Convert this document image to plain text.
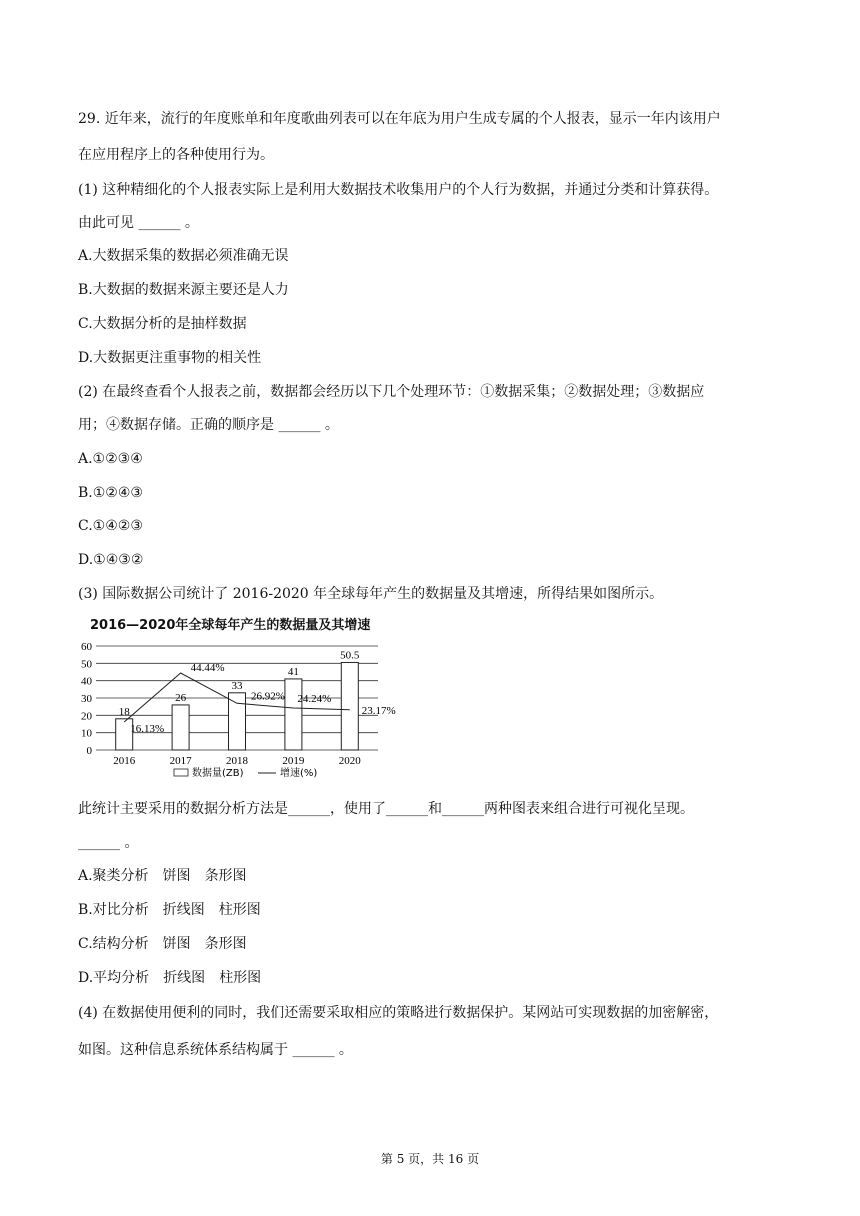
29. 近年来，流行的年度账单和年度歌曲列表可以在年底为用户生成专属的个人报表，显示一年内该用户
在应用程序上的各种使用行为。
(1) 这种精细化的个人报表实际上是利用大数据技术收集用户的个人行为数据，并通过分类和计算获得。
由此可见 ______ 。
A.大数据采集的数据必须准确无误
B.大数据的数据来源主要还是人力
C.大数据分析的是抽样数据
D.大数据更注重事物的相关性
(2) 在最终查看个人报表之前，数据都会经历以下几个处理环节：①数据采集；②数据处理；③数据应
用；④数据存储。正确的顺序是 ______ 。
A.①②③④
B.①②④③
C.①④②③
D.①④③②
(3) 国际数据公司统计了 2016-2020 年全球每年产生的数据量及其增速，所得结果如图所示。
2016—2020年全球每年产生的数据量及其增速
0
10
20
30
40
50
60
18
26
33
41
50.5
2016	2017	2018	2019	2020
16.13%
44.44%
26.92% 24.24%
23.17%
数据量(ZB)	增速(%)
此统计主要采用的数据分析方法是______，使用了______和______两种图表来组合进行可视化呈现。
______ 。
A.聚类分析 饼图 条形图
B.对比分析 折线图 柱形图
C.结构分析 饼图 条形图
D.平均分析 折线图 柱形图
(4) 在数据使用便利的同时，我们还需要采取相应的策略进行数据保护。某网站可实现数据的加密解密，
如图。这种信息系统体系结构属于 ______ 。
第 5 页，共 16 页
